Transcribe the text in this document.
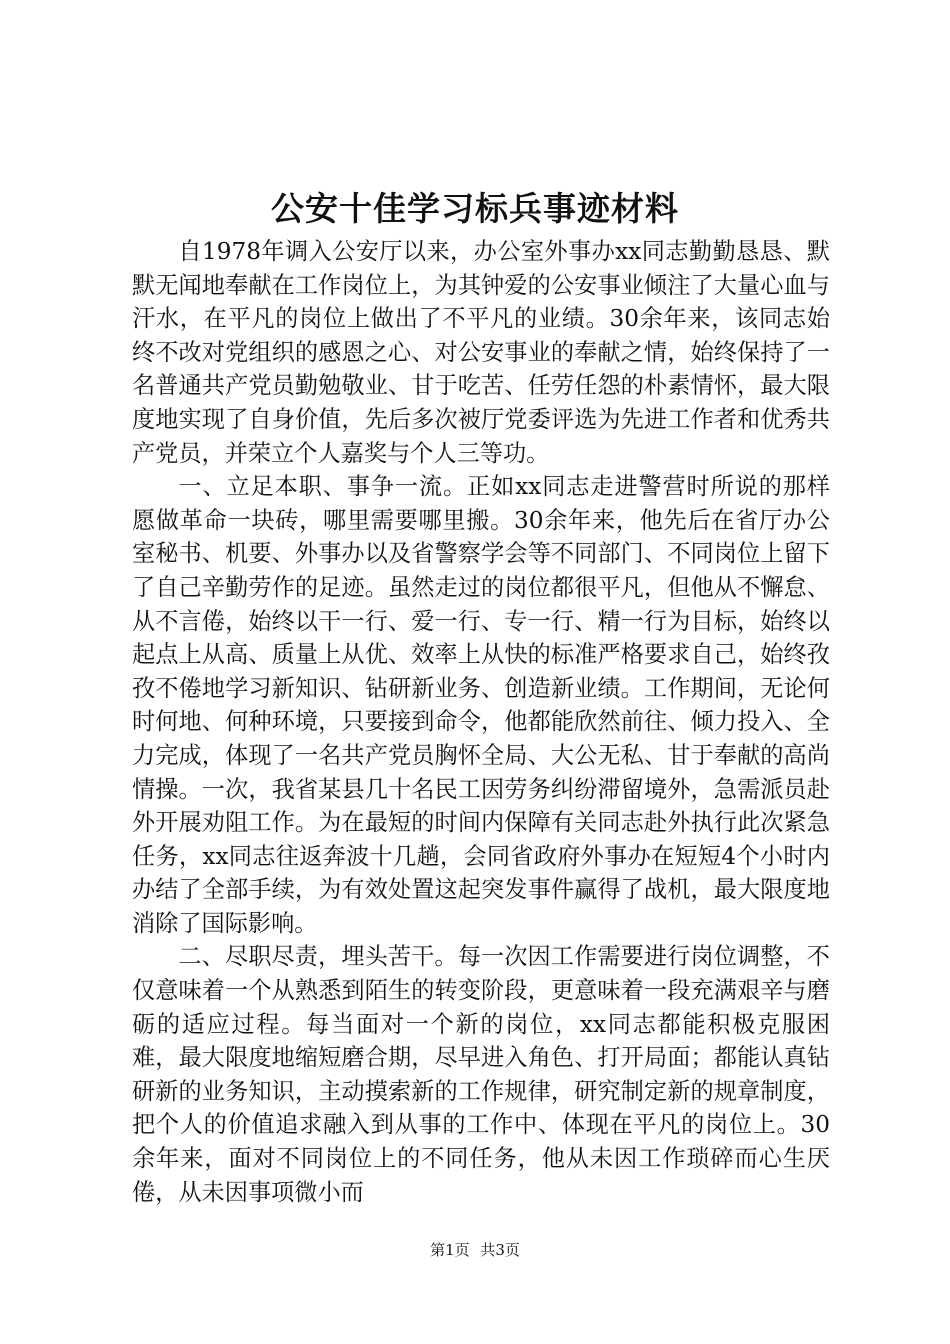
公安十佳学习标兵事迹材料

自1978年调入公安厅以来，办公室外事办xx同志勤勤恳恳、默默无闻地奉献在工作岗位上，为其钟爱的公安事业倾注了大量心血与汗水，在平凡的岗位上做出了不平凡的业绩。30余年来，该同志始终不改对党组织的感恩之心、对公安事业的奉献之情，始终保持了一名普通共产党员勤勉敬业、甘于吃苦、任劳任怨的朴素情怀，最大限度地实现了自身价值，先后多次被厅党委评选为先进工作者和优秀共产党员，并荣立个人嘉奖与个人三等功。

一、立足本职、事争一流。正如xx同志走进警营时所说的那样愿做革命一块砖，哪里需要哪里搬。30余年来，他先后在省厅办公室秘书、机要、外事办以及省警察学会等不同部门、不同岗位上留下了自己辛勤劳作的足迹。虽然走过的岗位都很平凡，但他从不懈怠、从不言倦，始终以干一行、爱一行、专一行、精一行为目标，始终以起点上从高、质量上从优、效率上从快的标准严格要求自己，始终孜孜不倦地学习新知识、钻研新业务、创造新业绩。工作期间，无论何时何地、何种环境，只要接到命令，他都能欣然前往、倾力投入、全力完成，体现了一名共产党员胸怀全局、大公无私、甘于奉献的高尚情操。一次，我省某县几十名民工因劳务纠纷滞留境外，急需派员赴外开展劝阻工作。为在最短的时间内保障有关同志赴外执行此次紧急任务，xx同志往返奔波十几趟，会同省政府外事办在短短4个小时内办结了全部手续，为有效处置这起突发事件赢得了战机，最大限度地消除了国际影响。

二、尽职尽责，埋头苦干。每一次因工作需要进行岗位调整，不仅意味着一个从熟悉到陌生的转变阶段，更意味着一段充满艰辛与磨砺的适应过程。每当面对一个新的岗位，xx同志都能积极克服困难，最大限度地缩短磨合期，尽早进入角色、打开局面；都能认真钻研新的业务知识，主动摸索新的工作规律，研究制定新的规章制度，把个人的价值追求融入到从事的工作中、体现在平凡的岗位上。30余年来，面对不同岗位上的不同任务，他从未因工作琐碎而心生厌倦，从未因事项微小而

第1页 共3页
